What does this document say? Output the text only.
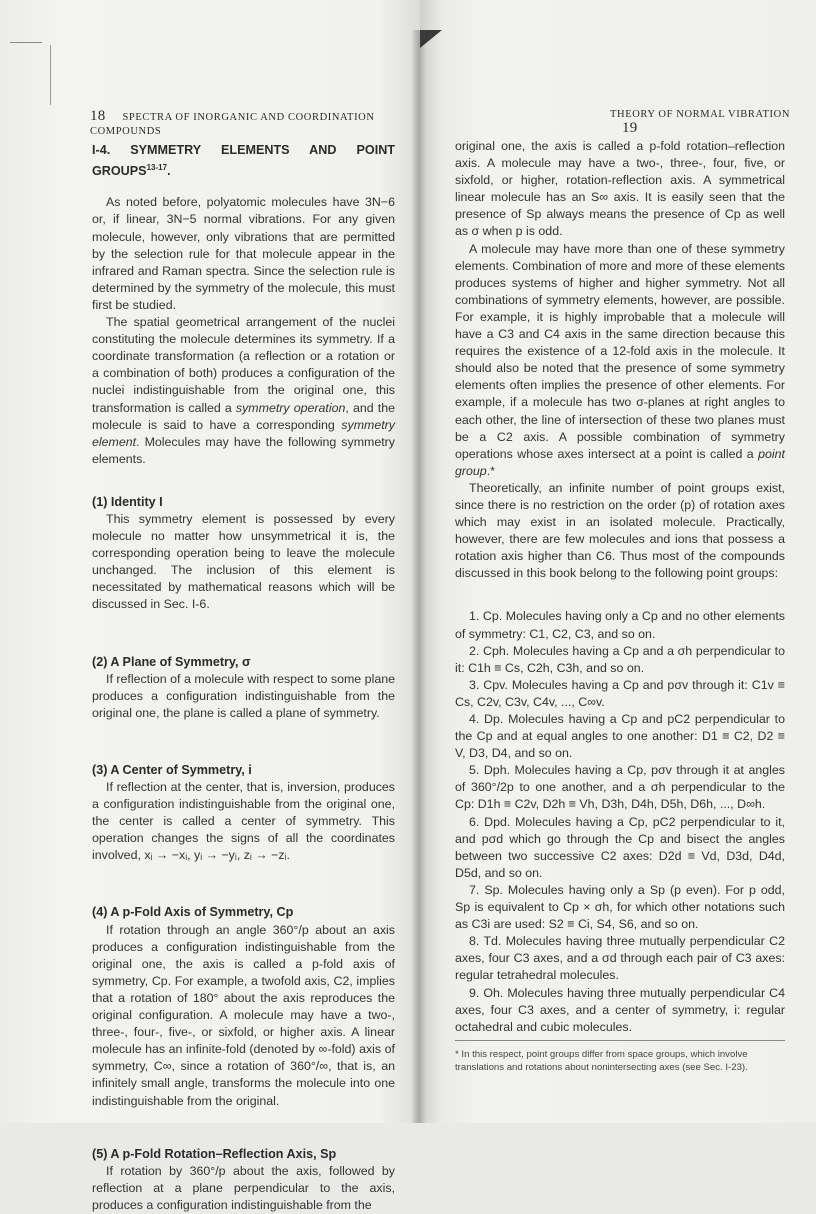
18 SPECTRA OF INORGANIC AND COORDINATION COMPOUNDS

I-4. SYMMETRY ELEMENTS AND POINT GROUPS$^{13-17}$.

As noted before, polyatomic molecules have 3N−6 or, if linear, 3N−5 normal vibrations. For any given molecule, however, only vibrations that are permitted by the selection rule for that molecule appear in the infrared and Raman spectra. Since the selection rule is determined by the symmetry of the molecule, this must first be studied.

The spatial geometrical arrangement of the nuclei constituting the molecule determines its symmetry. If a coordinate transformation (a reflection or a rotation or a combination of both) produces a configuration of the nuclei indistinguishable from the original one, this transformation is called a symmetry operation, and the molecule is said to have a corresponding symmetry element. Molecules may have the following symmetry elements.

(1) Identity I

This symmetry element is possessed by every molecule no matter how unsymmetrical it is, the corresponding operation being to leave the molecule unchanged. The inclusion of this element is necessitated by mathematical reasons which will be discussed in Sec. I-6.

(2) A Plane of Symmetry, σ

If reflection of a molecule with respect to some plane produces a configuration indistinguishable from the original one, the plane is called a plane of symmetry.

(3) A Center of Symmetry, i

If reflection at the center, that is, inversion, produces a configuration indistinguishable from the original one, the center is called a center of symmetry. This operation changes the signs of all the coordinates involved, xᵢ → −xᵢ, yᵢ → −yᵢ, zᵢ → −zᵢ.

(4) A p-Fold Axis of Symmetry, Cp

If rotation through an angle 360°/p about an axis produces a configuration indistinguishable from the original one, the axis is called a p-fold axis of symmetry, Cp. For example, a twofold axis, C2, implies that a rotation of 180° about the axis reproduces the original configuration. A molecule may have a two-, three-, four-, five-, or sixfold, or higher axis. A linear molecule has an infinite-fold (denoted by ∞-fold) axis of symmetry, C∞, since a rotation of 360°/∞, that is, an infinitely small angle, transforms the molecule into one indistinguishable from the original.

(5) A p-Fold Rotation–Reflection Axis, Sp

If rotation by 360°/p about the axis, followed by reflection at a plane perpendicular to the axis, produces a configuration indistinguishable from the

THEORY OF NORMAL VIBRATION 19

original one, the axis is called a p-fold rotation–reflection axis. A molecule may have a two-, three-, four, five, or sixfold, or higher, rotation-reflection axis. A symmetrical linear molecule has an S∞ axis. It is easily seen that the presence of Sp always means the presence of Cp as well as σ when p is odd.

A molecule may have more than one of these symmetry elements. Combination of more and more of these elements produces systems of higher and higher symmetry. Not all combinations of symmetry elements, however, are possible. For example, it is highly improbable that a molecule will have a C3 and C4 axis in the same direction because this requires the existence of a 12-fold axis in the molecule. It should also be noted that the presence of some symmetry elements often implies the presence of other elements. For example, if a molecule has two σ-planes at right angles to each other, the line of intersection of these two planes must be a C2 axis. A possible combination of symmetry operations whose axes intersect at a point is called a point group.*

Theoretically, an infinite number of point groups exist, since there is no restriction on the order (p) of rotation axes which may exist in an isolated molecule. Practically, however, there are few molecules and ions that possess a rotation axis higher than C6. Thus most of the compounds discussed in this book belong to the following point groups:

1. Cp. Molecules having only a Cp and no other elements of symmetry: C1, C2, C3, and so on.

2. Cph. Molecules having a Cp and a σh perpendicular to it: C1h ≡ Cs, C2h, C3h, and so on.

3. Cpv. Molecules having a Cp and pσv through it: C1v ≡ Cs, C2v, C3v, C4v, ..., C∞v.

4. Dp. Molecules having a Cp and pC2 perpendicular to the Cp and at equal angles to one another: D1 ≡ C2, D2 ≡ V, D3, D4, and so on.

5. Dph. Molecules having a Cp, pσv through it at angles of 360°/2p to one another, and a σh perpendicular to the Cp: D1h ≡ C2v, D2h ≡ Vh, D3h, D4h, D5h, D6h, ..., D∞h.

6. Dpd. Molecules having a Cp, pC2 perpendicular to it, and pσd which go through the Cp and bisect the angles between two successive C2 axes: D2d ≡ Vd, D3d, D4d, D5d, and so on.

7. Sp. Molecules having only a Sp (p even). For p odd, Sp is equivalent to Cp × σh, for which other notations such as C3i are used: S2 ≡ Ci, S4, S6, and so on.

8. Td. Molecules having three mutually perpendicular C2 axes, four C3 axes, and a σd through each pair of C3 axes: regular tetrahedral molecules.

9. Oh. Molecules having three mutually perpendicular C4 axes, four C3 axes, and a center of symmetry, i: regular octahedral and cubic molecules.

* In this respect, point groups differ from space groups, which involve translations and rotations about nonintersecting axes (see Sec. I-23).
